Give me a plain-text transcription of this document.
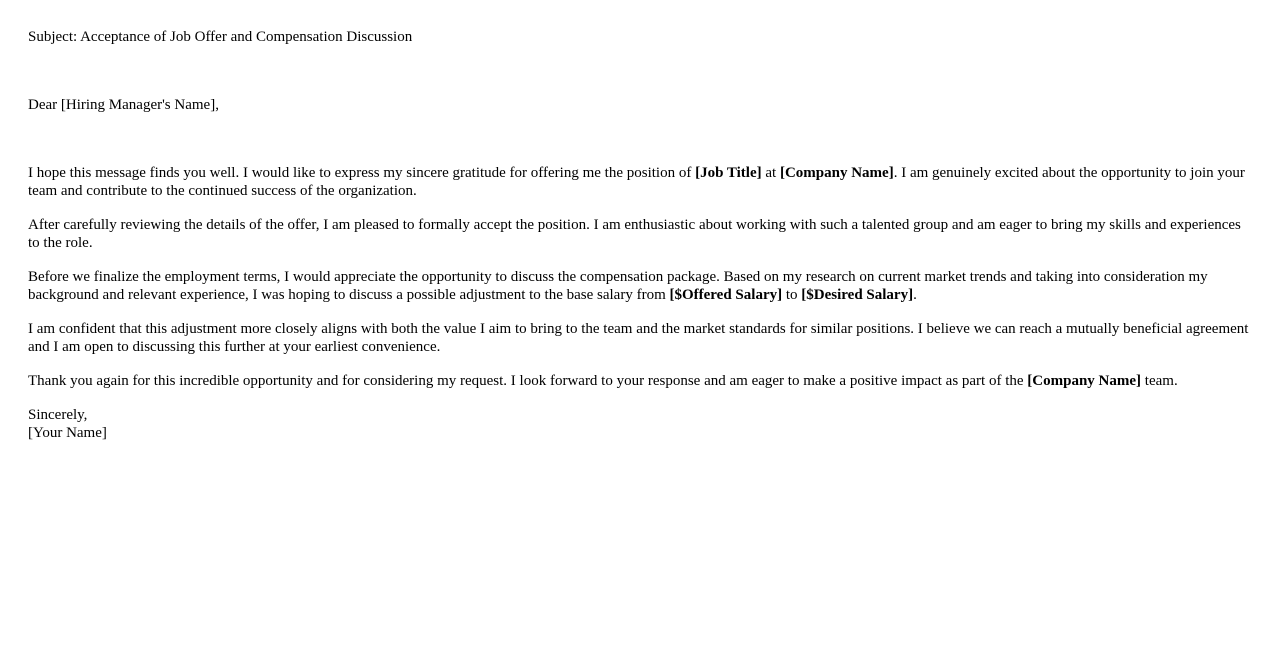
Subject: Acceptance of Job Offer and Compensation Discussion

Dear [Hiring Manager's Name],

I hope this message finds you well. I would like to express my sincere gratitude for offering me the position of [Job Title] at [Company Name]. I am genuinely excited about the opportunity to join your team and contribute to the continued success of the organization.

After carefully reviewing the details of the offer, I am pleased to formally accept the position. I am enthusiastic about working with such a talented group and am eager to bring my skills and experiences to the role.

Before we finalize the employment terms, I would appreciate the opportunity to discuss the compensation package. Based on my research on current market trends and taking into consideration my background and relevant experience, I was hoping to discuss a possible adjustment to the base salary from [$Offered Salary] to [$Desired Salary].

I am confident that this adjustment more closely aligns with both the value I aim to bring to the team and the market standards for similar positions. I believe we can reach a mutually beneficial agreement and I am open to discussing this further at your earliest convenience.

Thank you again for this incredible opportunity and for considering my request. I look forward to your response and am eager to make a positive impact as part of the [Company Name] team.

Sincerely,
[Your Name]
